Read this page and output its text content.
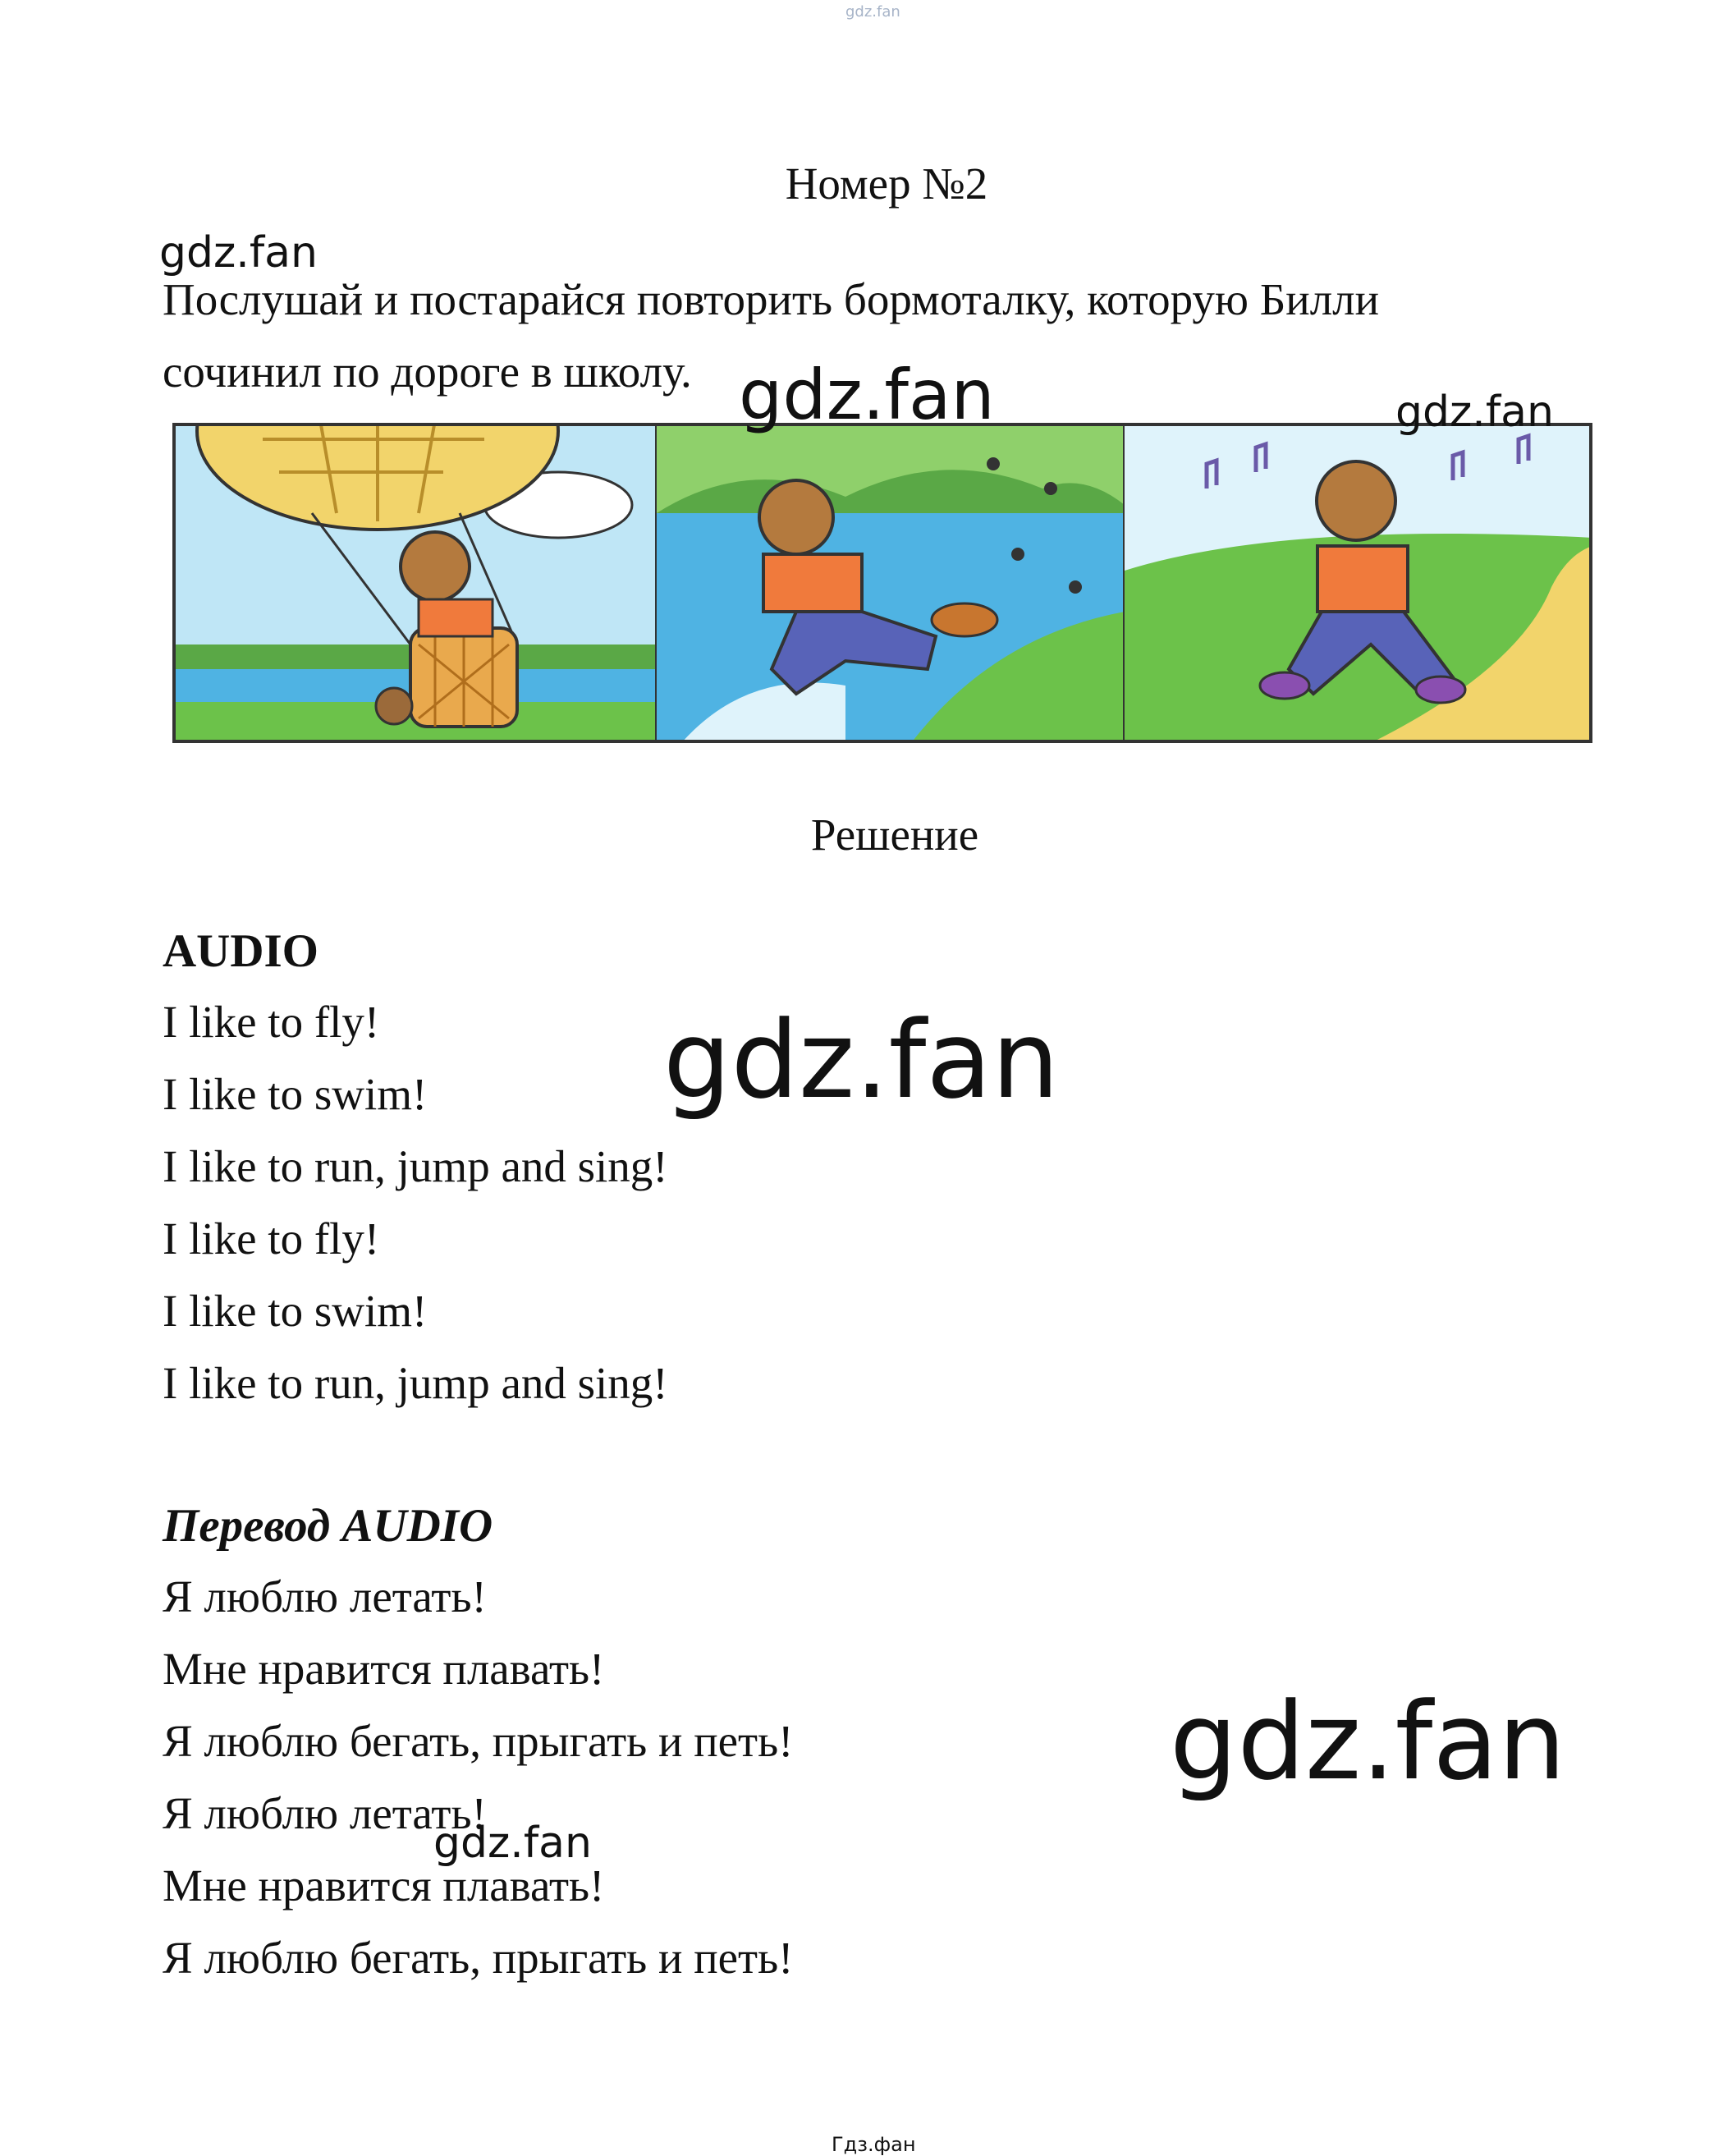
gdz.fan
Номер №2
gdz.fan
Послушай и постарайся повторить бормоталку, которую Билли
сочинил по дороге в школу. gdz.fan	gdz.fan
Решение
AUDIO
I like to fly!
I like to swim!
I like to run, jump and sing!
I like to fly!
I like to swim!
I like to run, jump and sing!
gdz.fan
Перевод AUDIO
Я люблю летать!
Мне нравится плавать!
Я люблю бегать, прыгать и петь!
Я люблю летать!
Мне нравится плавать!
Я люблю бегать, прыгать и петь!
gdz.fan
gdz.fan
Гдз.фан
